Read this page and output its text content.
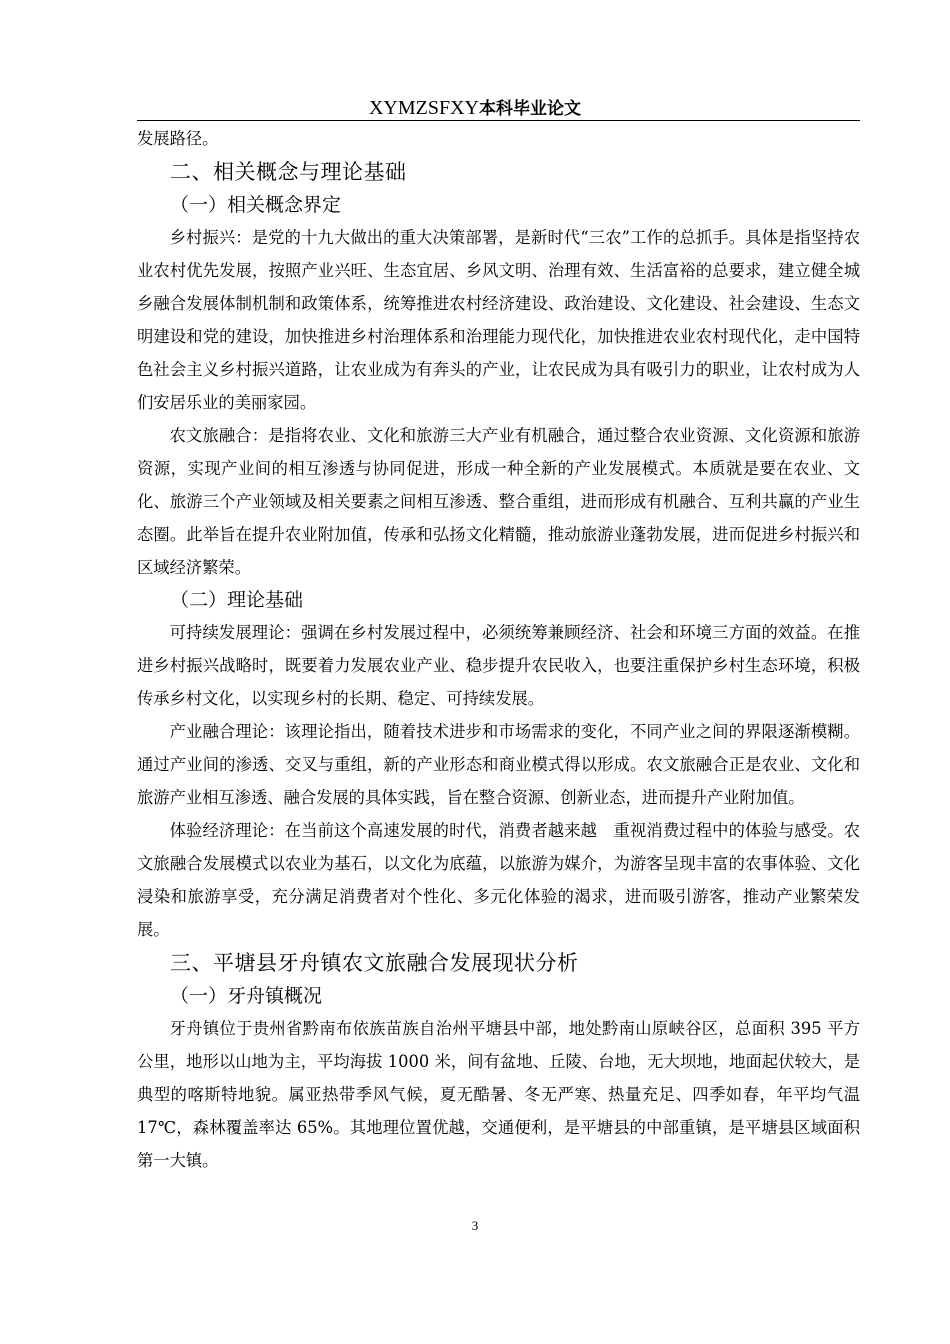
XYMZSFXY本科毕业论文

发展路径。

二、相关概念与理论基础
（一）相关概念界定

乡村振兴：是党的十九大做出的重大决策部署，是新时代“三农”工作的总抓手。具体是指坚持农业农村优先发展，按照产业兴旺、生态宜居、乡风文明、治理有效、生活富裕的总要求，建立健全城乡融合发展体制机制和政策体系，统筹推进农村经济建设、政治建设、文化建设、社会建设、生态文明建设和党的建设，加快推进乡村治理体系和治理能力现代化，加快推进农业农村现代化，走中国特色社会主义乡村振兴道路，让农业成为有奔头的产业，让农民成为具有吸引力的职业，让农村成为人们安居乐业的美丽家园。

农文旅融合：是指将农业、文化和旅游三大产业有机融合，通过整合农业资源、文化资源和旅游资源，实现产业间的相互渗透与协同促进，形成一种全新的产业发展模式。本质就是要在农业、文化、旅游三个产业领域及相关要素之间相互渗透、整合重组，进而形成有机融合、互利共赢的产业生态圈。此举旨在提升农业附加值，传承和弘扬文化精髓，推动旅游业蓬勃发展，进而促进乡村振兴和区域经济繁荣。

（二）理论基础

可持续发展理论：强调在乡村发展过程中，必须统筹兼顾经济、社会和环境三方面的效益。在推进乡村振兴战略时，既要着力发展农业产业、稳步提升农民收入，也要注重保护乡村生态环境，积极传承乡村文化，以实现乡村的长期、稳定、可持续发展。

产业融合理论：该理论指出，随着技术进步和市场需求的变化，不同产业之间的界限逐渐模糊。通过产业间的渗透、交叉与重组，新的产业形态和商业模式得以形成。农文旅融合正是农业、文化和旅游产业相互渗透、融合发展的具体实践，旨在整合资源、创新业态，进而提升产业附加值。

体验经济理论：在当前这个高速发展的时代，消费者越来越　重视消费过程中的体验与感受。农文旅融合发展模式以农业为基石，以文化为底蕴，以旅游为媒介，为游客呈现丰富的农事体验、文化浸染和旅游享受，充分满足消费者对个性化、多元化体验的渴求，进而吸引游客，推动产业繁荣发展。

三、平塘县牙舟镇农文旅融合发展现状分析
（一）牙舟镇概况

牙舟镇位于贵州省黔南布依族苗族自治州平塘县中部，地处黔南山原峡谷区，总面积 395 平方公里，地形以山地为主，平均海拔 1000 米，间有盆地、丘陵、台地，无大坝地，地面起伏较大，是典型的喀斯特地貌。属亚热带季风气候，夏无酷暑、冬无严寒、热量充足、四季如春，年平均气温 17℃，森林覆盖率达 65%。其地理位置优越，交通便利，是平塘县的中部重镇，是平塘县区域面积第一大镇。

3
